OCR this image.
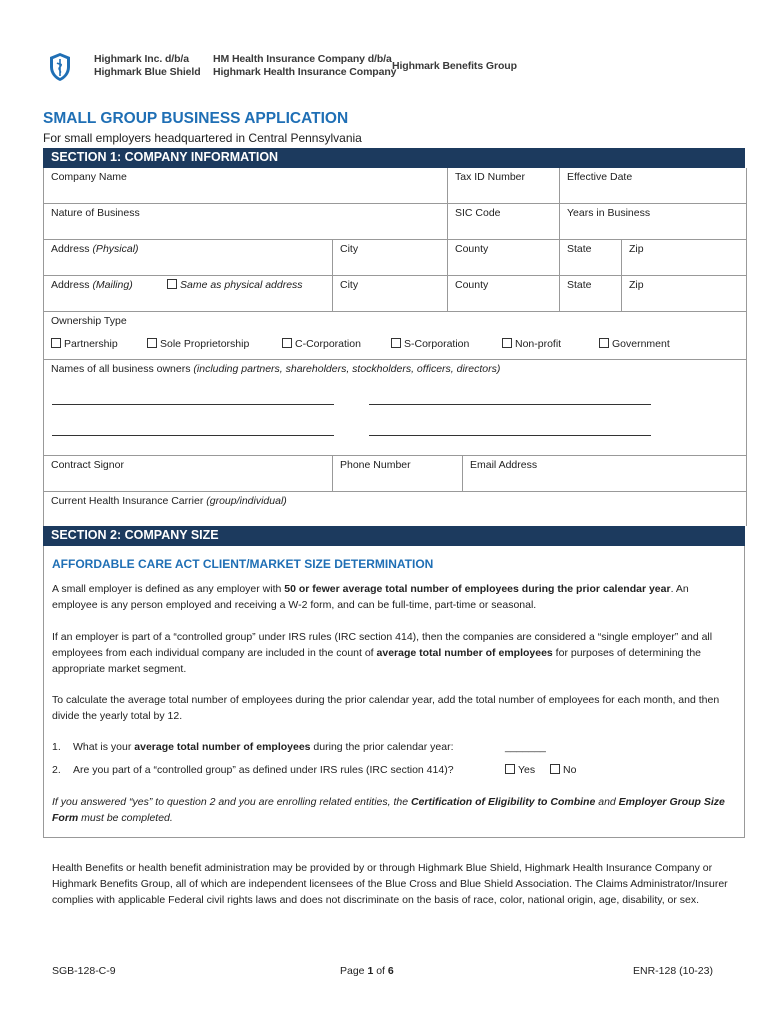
Highmark Inc. d/b/a
Highmark Blue Shield
HM Health Insurance Company d/b/a
Highmark Health Insurance Company
Highmark Benefits Group
SMALL GROUP BUSINESS APPLICATION
For small employers headquartered in Central Pennsylvania
SECTION 1: COMPANY INFORMATION
Company Name	Tax ID Number	Effective Date
Nature of Business	SIC Code	Years in Business
Address (Physical)	City	County	State	Zip
Address (Mailing)	Same as physical address	City	County	State	Zip
Ownership Type
Partnership	Sole Proprietorship	C-Corporation	S-Corporation	Non-profit	Government
Names of all business owners (including partners, shareholders, stockholders, officers, directors)
Contract Signor	Phone Number	Email Address
Current Health Insurance Carrier (group/individual)
SECTION 2: COMPANY SIZE
AFFORDABLE CARE ACT CLIENT/MARKET SIZE DETERMINATION
A small employer is defined as any employer with 50 or fewer average total number of employees during the prior calendar year. An employee is any person employed and receiving a W-2 form, and can be full-time, part-time or seasonal.
If an employer is part of a “controlled group” under IRS rules (IRC section 414), then the companies are considered a “single employer” and all employees from each individual company are included in the count of average total number of employees for purposes of determining the appropriate market segment.
To calculate the average total number of employees during the prior calendar year, add the total number of employees for each month, and then divide the yearly total by 12.
1. What is your average total number of employees during the prior calendar year:	_______
2. Are you part of a “controlled group” as defined under IRS rules (IRC section 414)?	Yes	No
If you answered “yes” to question 2 and you are enrolling related entities, the Certification of Eligibility to Combine and Employer Group Size Form must be completed.
Health Benefits or health benefit administration may be provided by or through Highmark Blue Shield, Highmark Health Insurance Company or Highmark Benefits Group, all of which are independent licensees of the Blue Cross and Blue Shield Association. The Claims Administrator/Insurer complies with applicable Federal civil rights laws and does not discriminate on the basis of race, color, national origin, age, disability, or sex.
SGB-128-C-9	Page 1 of 6	ENR-128 (10-23)
